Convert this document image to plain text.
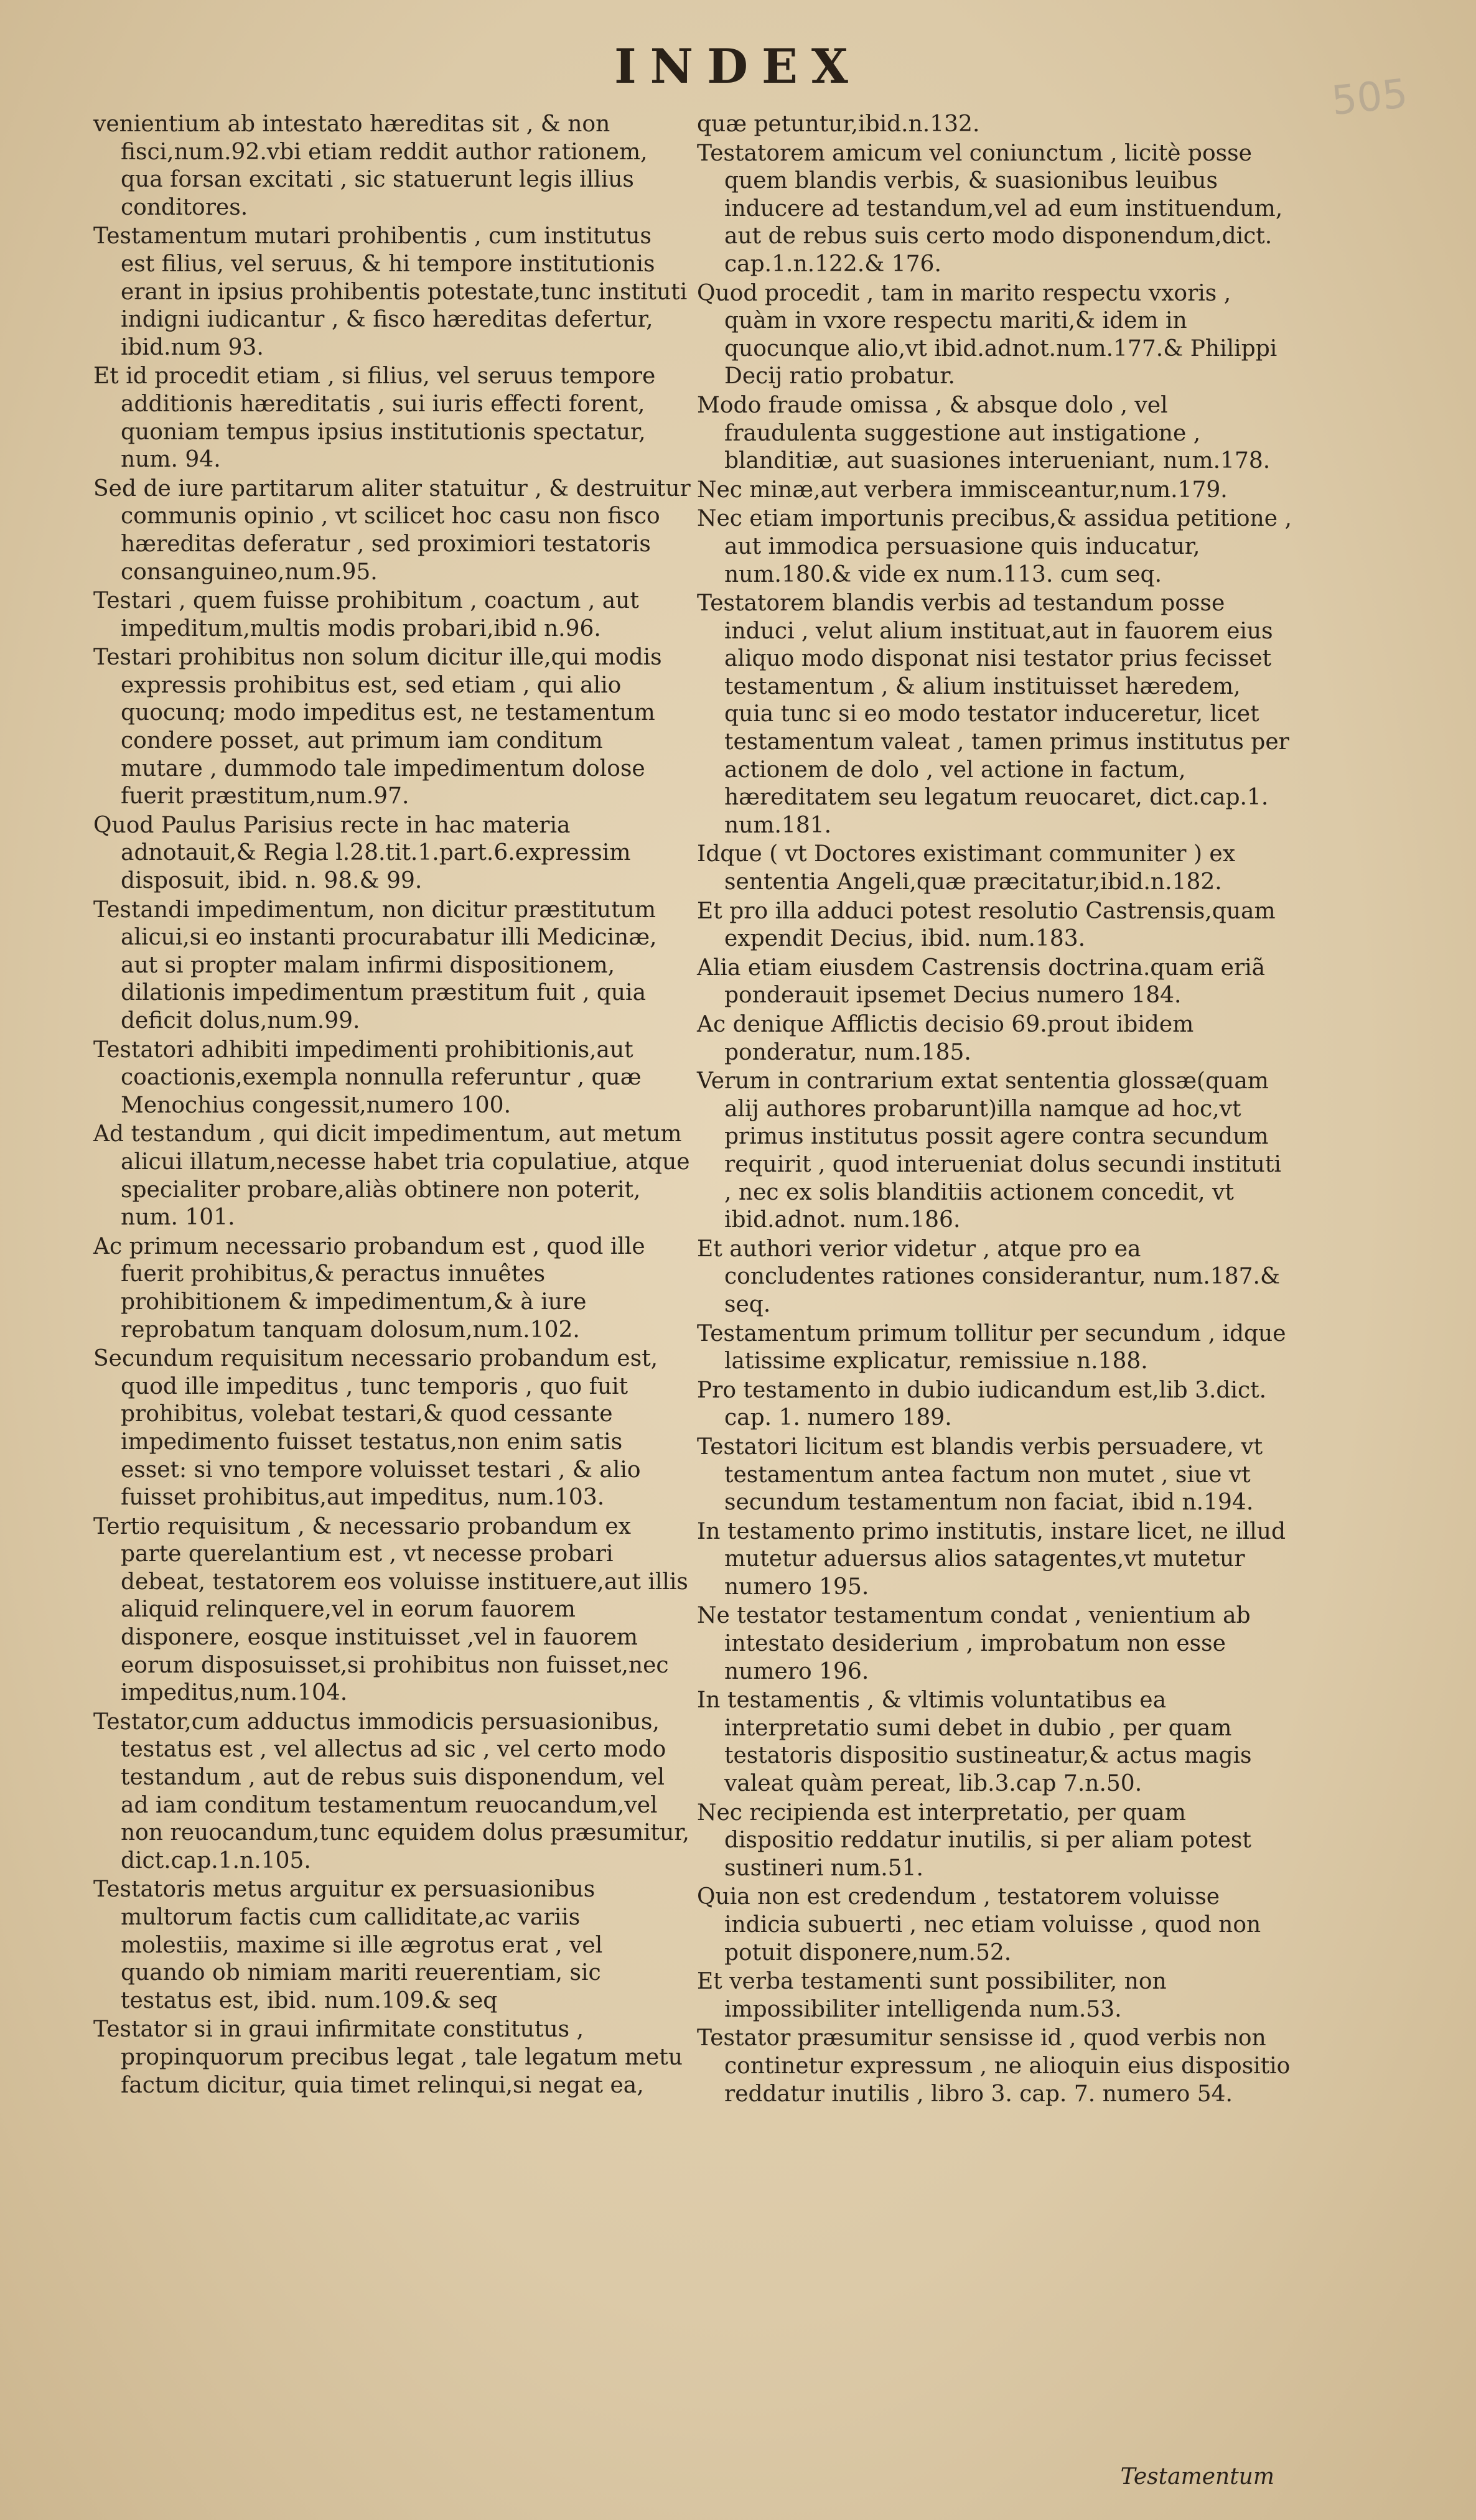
INDEX
505
venientium ab intestato hæreditas sit , & non fisci,num.92.vbi etiam reddit author rationem, qua forsan excitati , sic statuerunt legis illius conditores.
Testamentum mutari prohibentis , cum institutus est filius, vel seruus, & hi tempore institutionis erant in ipsius prohibentis potestate,tunc instituti indigni iudicantur , & fisco hæreditas defertur, ibid.num 93.
Et id procedit etiam , si filius, vel seruus tempore additionis hæreditatis , sui iuris effecti forent, quoniam tempus ipsius institutionis spectatur, num. 94.
Sed de iure partitarum aliter statuitur , & destruitur communis opinio , vt scilicet hoc casu non fisco hæreditas deferatur , sed proximiori testatoris consanguineo,num.95.
Testari , quem fuisse prohibitum , coactum , aut impeditum,multis modis probari,ibid n.96.
Testari prohibitus non solum dicitur ille,qui modis expressis prohibitus est, sed etiam , qui alio quocunq; modo impeditus est, ne testamentum condere posset, aut primum iam conditum mutare , dummodo tale impedimentum dolose fuerit præstitum,num.97.
Quod Paulus Parisius recte in hac materia adnotauit,& Regia l.28.tit.1.part.6.expressim disposuit, ibid. n. 98.& 99.
Testandi impedimentum, non dicitur præstitutum alicui,si eo instanti procurabatur illi Medicinæ, aut si propter malam infirmi dispositionem, dilationis impedimentum præstitum fuit , quia deficit dolus,num.99.
Testatori adhibiti impedimenti prohibitionis,aut coactionis,exempla nonnulla referuntur , quæ Menochius congessit,numero 100.
Ad testandum , qui dicit impedimentum, aut metum alicui illatum,necesse habet tria copulatiue, atque specialiter probare,aliàs obtinere non poterit, num. 101.
Ac primum necessario probandum est , quod ille fuerit prohibitus,& peractus innuêtes prohibitionem & impedimentum,& à iure reprobatum tanquam dolosum,num.102.
Secundum requisitum necessario probandum est, quod ille impeditus , tunc temporis , quo fuit prohibitus, volebat testari,& quod cessante impedimento fuisset testatus,non enim satis esset: si vno tempore voluisset testari , & alio fuisset prohibitus,aut impeditus, num.103.
Tertio requisitum , & necessario probandum ex parte querelantium est , vt necesse probari debeat, testatorem eos voluisse instituere,aut illis aliquid relinquere,vel in eorum fauorem disponere, eosque instituisset ,vel in fauorem eorum disposuisset,si prohibitus non fuisset,nec impeditus,num.104.
Testator,cum adductus immodicis persuasionibus, testatus est , vel allectus ad sic , vel certo modo testandum , aut de rebus suis disponendum, vel ad iam conditum testamentum reuocandum,vel non reuocandum,tunc equidem dolus præsumitur, dict.cap.1.n.105.
Testatoris metus arguitur ex persuasionibus multorum factis cum calliditate,ac variis molestiis, maxime si ille ægrotus erat , vel quando ob nimiam mariti reuerentiam, sic testatus est, ibid. num.109.& seq
Testator si in graui infirmitate constitutus , propinquorum precibus legat , tale legatum metu factum dicitur, quia timet relinqui,si negat ea,
quæ petuntur,ibid.n.132.
Testatorem amicum vel coniunctum , licitè posse quem blandis verbis, & suasionibus leuibus inducere ad testandum,vel ad eum instituendum, aut de rebus suis certo modo disponendum,dict. cap.1.n.122.& 176.
Quod procedit , tam in marito respectu vxoris , quàm in vxore respectu mariti,& idem in quocunque alio,vt ibid.adnot.num.177.& Philippi Decij ratio probatur.
Modo fraude omissa , & absque dolo , vel fraudulenta suggestione aut instigatione , blanditiæ, aut suasiones interueniant, num.178.
Nec minæ,aut verbera immisceantur,num.179.
Nec etiam importunis precibus,& assidua petitione , aut immodica persuasione quis inducatur, num.180.& vide ex num.113. cum seq.
Testatorem blandis verbis ad testandum posse induci , velut alium instituat,aut in fauorem eius aliquo modo disponat nisi testator prius fecisset testamentum , & alium instituisset hæredem, quia tunc si eo modo testator induceretur, licet testamentum valeat , tamen primus institutus per actionem de dolo , vel actione in factum, hæreditatem seu legatum reuocaret, dict.cap.1. num.181.
Idque ( vt Doctores existimant communiter ) ex sententia Angeli,quæ præcitatur,ibid.n.182.
Et pro illa adduci potest resolutio Castrensis,quam expendit Decius, ibid. num.183.
Alia etiam eiusdem Castrensis doctrina.quam eriã ponderauit ipsemet Decius numero 184.
Ac denique Afflictis decisio 69.prout ibidem ponderatur, num.185.
Verum in contrarium extat sententia glossæ(quam alij authores probarunt)illa namque ad hoc,vt primus institutus possit agere contra secundum requirit , quod interueniat dolus secundi instituti , nec ex solis blanditiis actionem concedit, vt ibid.adnot. num.186.
Et authori verior videtur , atque pro ea concludentes rationes considerantur, num.187.& seq.
Testamentum primum tollitur per secundum , idque latissime explicatur, remissiue n.188.
Pro testamento in dubio iudicandum est,lib 3.dict. cap. 1. numero 189.
Testatori licitum est blandis verbis persuadere, vt testamentum antea factum non mutet , siue vt secundum testamentum non faciat, ibid n.194.
In testamento primo institutis, instare licet, ne illud mutetur aduersus alios satagentes,vt mutetur numero 195.
Ne testator testamentum condat , venientium ab intestato desiderium , improbatum non esse numero 196.
In testamentis , & vltimis voluntatibus ea interpretatio sumi debet in dubio , per quam testatoris dispositio sustineatur,& actus magis valeat quàm pereat, lib.3.cap 7.n.50.
Nec recipienda est interpretatio, per quam dispositio reddatur inutilis, si per aliam potest sustineri num.51.
Quia non est credendum , testatorem voluisse indicia subuerti , nec etiam voluisse , quod non potuit disponere,num.52.
Et verba testamenti sunt possibiliter, non impossibiliter intelligenda num.53.
Testator præsumitur sensisse id , quod verbis non continetur expressum , ne alioquin eius dispositio reddatur inutilis , libro 3. cap. 7. numero 54.
Testamentum
